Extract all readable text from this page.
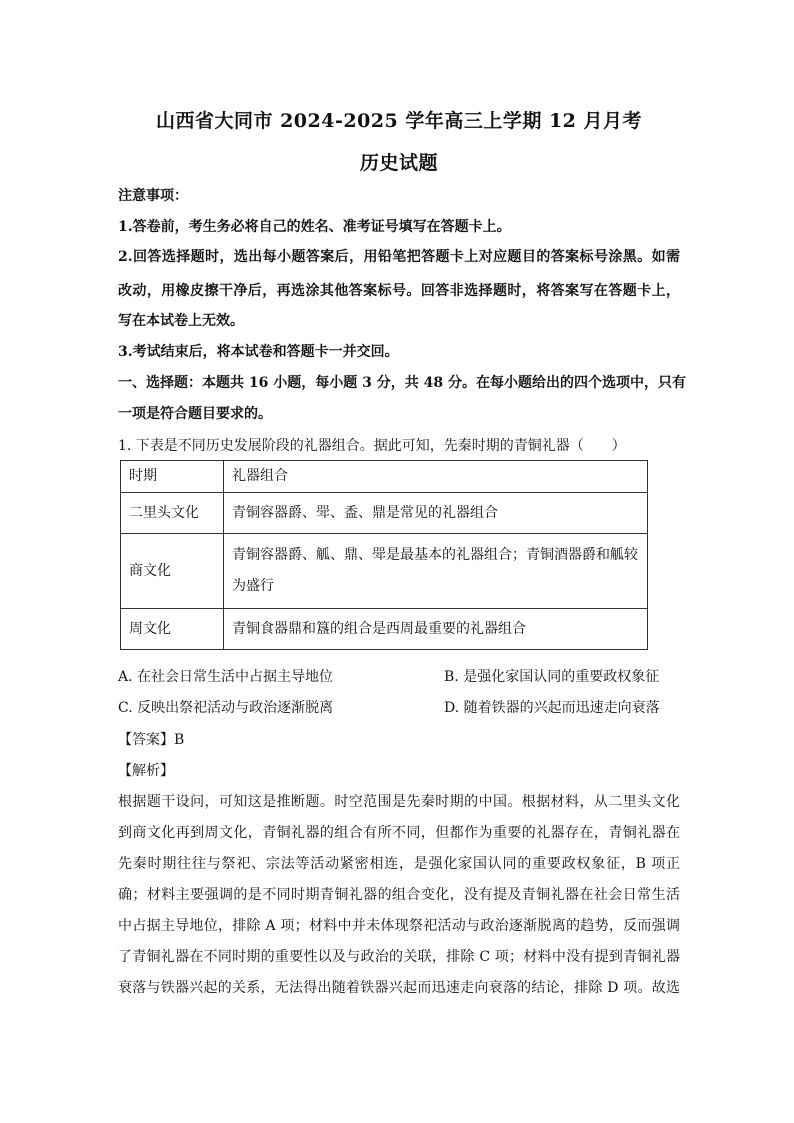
山西省大同市 2024-2025 学年高三上学期 12 月月考
历史试题
注意事项：
1.答卷前，考生务必将自己的姓名、准考证号填写在答题卡上。
2.回答选择题时，选出每小题答案后，用铅笔把答题卡上对应题目的答案标号涂黑。如需
改动，用橡皮擦干净后，再选涂其他答案标号。回答非选择题时，将答案写在答题卡上，
写在本试卷上无效。
3.考试结束后，将本试卷和答题卡一并交回。
一、选择题：本题共 16 小题，每小题 3 分，共 48 分。在每小题给出的四个选项中，只有
一项是符合题目要求的。
1. 下表是不同历史发展阶段的礼器组合。据此可知，先秦时期的青铜礼器（　　）
时期	礼器组合
二里头文化	青铜容器爵、斝、盉、鼎是常见的礼器组合
商文化	青铜容器爵、觚、鼎、斝是最基本的礼器组合；青铜酒器爵和觚较
为盛行

周文化	青铜食器鼎和簋的组合是西周最重要的礼器组合
A. 在社会日常生活中占据主导地位	B. 是强化家国认同的重要政权象征
C. 反映出祭祀活动与政治逐渐脱离	D. 随着铁器的兴起而迅速走向衰落
【答案】B
【解析】
根据题干设问，可知这是推断题。时空范围是先秦时期的中国。根据材料，从二里头文化
到商文化再到周文化，青铜礼器的组合有所不同，但都作为重要的礼器存在，青铜礼器在
先秦时期往往与祭祀、宗法等活动紧密相连，是强化家国认同的重要政权象征，B 项正
确；材料主要强调的是不同时期青铜礼器的组合变化，没有提及青铜礼器在社会日常生活
中占据主导地位，排除 A 项；材料中并未体现祭祀活动与政治逐渐脱离的趋势，反而强调
了青铜礼器在不同时期的重要性以及与政治的关联，排除 C 项；材料中没有提到青铜礼器
衰落与铁器兴起的关系，无法得出随着铁器兴起而迅速走向衰落的结论，排除 D 项。故选
